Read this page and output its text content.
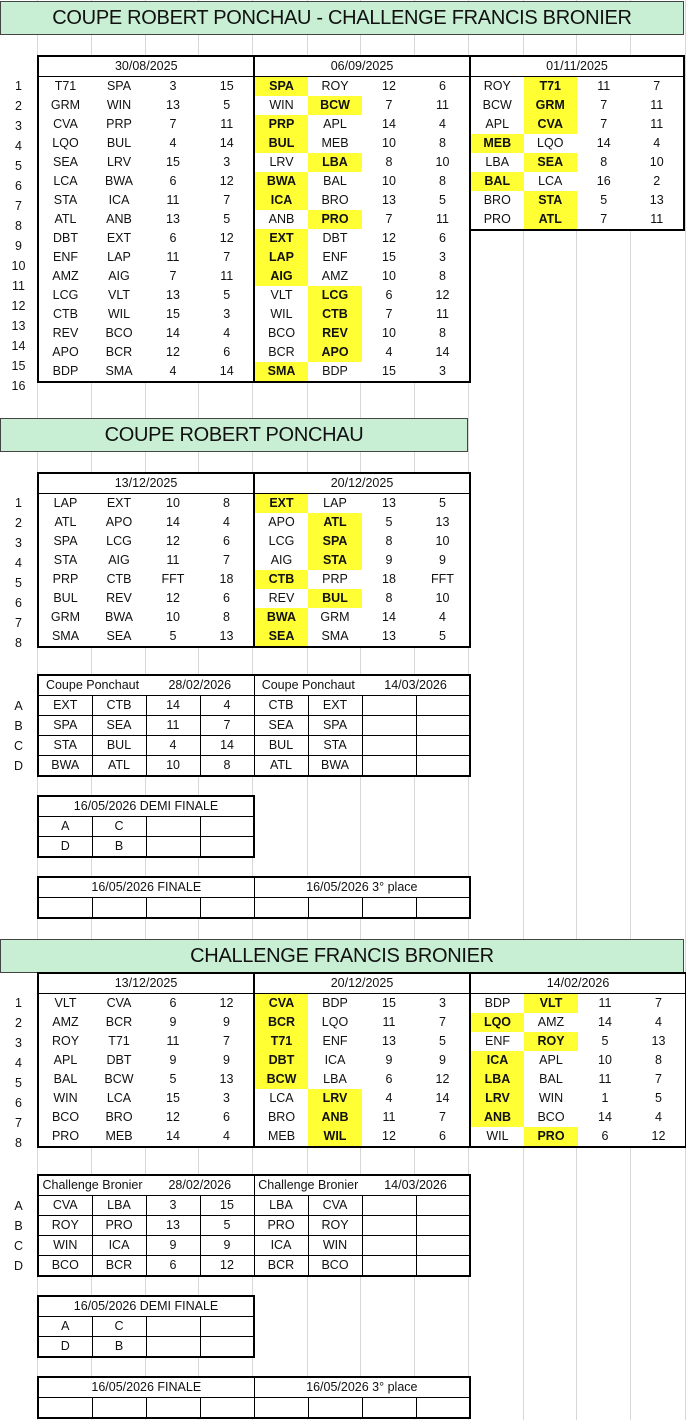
COUPE ROBERT PONCHAU - CHALLENGE FRANCIS BRONIER
1
2
3
4
5
6
7
8
9
10
11
12
13
14
15
16
30/08/2025			
T71	SPA	3	15
GRM	WIN	13	5
CVA	PRP	7	11
LQO	BUL	4	14
SEA	LRV	15	3
LCA	BWA	6	12
STA	ICA	11	7
ATL	ANB	13	5
DBT	EXT	6	12
ENF	LAP	11	7
AMZ	AIG	7	11
LCG	VLT	13	5
CTB	WIL	15	3
REV	BCO	14	4
APO	BCR	12	6
BDP	SMA	4	14
06/09/2025			
SPA	ROY	12	6
WIN	BCW	7	11
PRP	APL	14	4
BUL	MEB	10	8
LRV	LBA	8	10
BWA	BAL	10	8
ICA	BRO	13	5
ANB	PRO	7	11
EXT	DBT	12	6
LAP	ENF	15	3
AIG	AMZ	10	8
VLT	LCG	6	12
WIL	CTB	7	11
BCO	REV	10	8
BCR	APO	4	14
SMA	BDP	15	3
01/11/2025			
ROY	T71	11	7
BCW	GRM	7	11
APL	CVA	7	11
MEB	LQO	14	4
LBA	SEA	8	10
BAL	LCA	16	2
BRO	STA	5	13
PRO	ATL	7	11
COUPE ROBERT PONCHAU
1
2
3
4
5
6
7
8
13/12/2025			
LAP	EXT	10	8
ATL	APO	14	4
SPA	LCG	12	6
STA	AIG	11	7
PRP	CTB	FFT	18
BUL	REV	12	6
GRM	BWA	10	8
SMA	SEA	5	13
20/12/2025			
EXT	LAP	13	5
APO	ATL	5	13
LCG	SPA	8	10
AIG	STA	9	9
CTB	PRP	18	FFT
REV	BUL	8	10
BWA	GRM	14	4
SEA	SMA	13	5
Coupe Ponchaut		28/02/2026		Coupe Ponchaut		14/03/2026	
EXT	CTB	14	4	CTB	EXT		
SPA	SEA	11	7	SEA	SPA		
STA	BUL	4	14	BUL	STA		
BWA	ATL	10	8	ATL	BWA		
A
B
C
D
16/05/2026 DEMI FINALE			
A	C		
D	B		
16/05/2026 FINALE				16/05/2026 3° place			

CHALLENGE FRANCIS BRONIER
1
2
3
4
5
6
7
8
13/12/2025			
VLT	CVA	6	12
AMZ	BCR	9	9
ROY	T71	11	7
APL	DBT	9	9
BAL	BCW	5	13
WIN	LCA	15	3
BCO	BRO	12	6
PRO	MEB	14	4
20/12/2025			
CVA	BDP	15	3
BCR	LQO	11	7
T71	ENF	13	5
DBT	ICA	9	9
BCW	LBA	6	12
LCA	LRV	4	14
BRO	ANB	11	7
MEB	WIL	12	6
14/02/2026			
BDP	VLT	11	7
LQO	AMZ	14	4
ENF	ROY	5	13
ICA	APL	10	8
LBA	BAL	11	7
LRV	WIN	1	5
ANB	BCO	14	4
WIL	PRO	6	12
Challenge Bronier		28/02/2026		Challenge Bronier		14/03/2026	
CVA	LBA	3	15	LBA	CVA		
ROY	PRO	13	5	PRO	ROY		
WIN	ICA	9	9	ICA	WIN		
BCO	BCR	6	12	BCR	BCO		
A
B
C
D
16/05/2026 DEMI FINALE			
A	C		
D	B		
16/05/2026 FINALE				16/05/2026 3° place			
